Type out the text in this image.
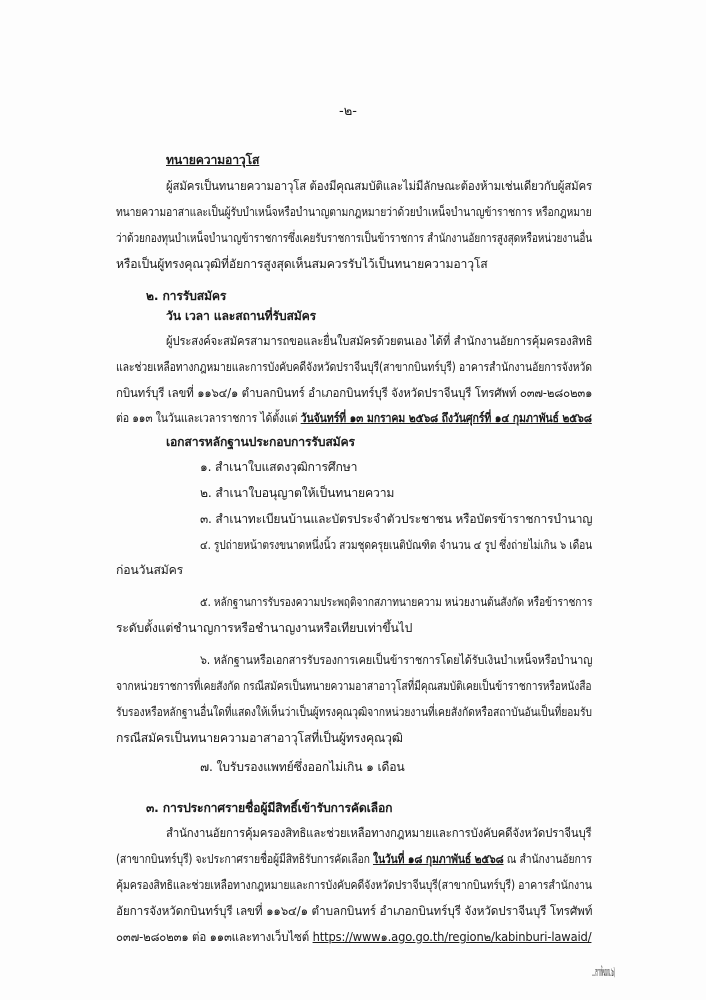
-๒-
ทนายความอาวุโส
ผู้สมัครเป็นทนายความอาวุโส ต้องมีคุณสมบัติและไม่มีลักษณะต้องห้ามเช่นเดียวกับผู้สมัคร
ทนายความอาสาและเป็นผู้รับบำเหน็จหรือบำนาญตามกฎหมายว่าด้วยบำเหน็จบำนาญข้าราชการ หรือกฎหมาย
ว่าด้วยกองทุนบำเหน็จบำนาญข้าราชการซึ่งเคยรับราชการเป็นข้าราชการ สำนักงานอัยการสูงสุดหรือหน่วยงานอื่น
หรือเป็นผู้ทรงคุณวุฒิที่อัยการสูงสุดเห็นสมควรรับไว้เป็นทนายความอาวุโส
๒. การรับสมัคร
วัน เวลา และสถานที่รับสมัคร
ผู้ประสงค์จะสมัครสามารถขอและยื่นใบสมัครด้วยตนเอง ได้ที่ สำนักงานอัยการคุ้มครองสิทธิ
และช่วยเหลือทางกฎหมายและการบังคับคดีจังหวัดปราจีนบุรี(สาขากบินทร์บุรี) อาคารสำนักงานอัยการจังหวัด
กบินทร์บุรี เลขที่ ๑๑๖๔/๑ ตำบลกบินทร์ อำเภอกบินทร์บุรี จังหวัดปราจีนบุรี โทรศัพท์ ๐๓๗-๒๘๐๒๓๑
ต่อ ๑๑๓ ในวันและเวลาราชการ ได้ตั้งแต่ วันจันทร์ที่ ๑๓ มกราคม ๒๕๖๘ ถึงวันศุกร์ที่ ๑๔ กุมภาพันธ์ ๒๕๖๘
เอกสารหลักฐานประกอบการรับสมัคร
๑. สำเนาใบแสดงวุฒิการศึกษา
๒. สำเนาใบอนุญาตให้เป็นทนายความ
๓. สำเนาทะเบียนบ้านและบัตรประจำตัวประชาชน หรือบัตรข้าราชการบำนาญ
๔. รูปถ่ายหน้าตรงขนาดหนึ่งนิ้ว สวมชุดครุยเนติบัณฑิต จำนวน ๔ รูป ซึ่งถ่ายไม่เกิน ๖ เดือน
ก่อนวันสมัคร
๕. หลักฐานการรับรองความประพฤติจากสภาทนายความ หน่วยงานต้นสังกัด หรือข้าราชการ
ระดับตั้งแต่ชำนาญการหรือชำนาญงานหรือเทียบเท่าขึ้นไป
๖. หลักฐานหรือเอกสารรับรองการเคยเป็นข้าราชการโดยได้รับเงินบำเหน็จหรือบำนาญ
จากหน่วยราชการที่เคยสังกัด กรณีสมัครเป็นทนายความอาสาอาวุโสที่มีคุณสมบัติเคยเป็นข้าราชการหรือหนังสือ
รับรองหรือหลักฐานอื่นใดที่แสดงให้เห็นว่าเป็นผู้ทรงคุณวุฒิจากหน่วยงานที่เคยสังกัดหรือสถาบันอันเป็นที่ยอมรับ
กรณีสมัครเป็นทนายความอาสาอาวุโสที่เป็นผู้ทรงคุณวุฒิ
๗. ใบรับรองแพทย์ซึ่งออกไม่เกิน ๑ เดือน
๓. การประกาศรายชื่อผู้มีสิทธิ์เข้ารับการคัดเลือก
สำนักงานอัยการคุ้มครองสิทธิและช่วยเหลือทางกฎหมายและการบังคับคดีจังหวัดปราจีนบุรี
(สาขากบินทร์บุรี) จะประกาศรายชื่อผู้มีสิทธิรับการคัดเลือก ในวันที่ ๑๘ กุมภาพันธ์ ๒๕๖๘ ณ สำนักงานอัยการ
คุ้มครองสิทธิและช่วยเหลือทางกฎหมายและการบังคับคดีจังหวัดปราจีนบุรี(สาขากบินทร์บุรี) อาคารสำนักงาน
อัยการจังหวัดกบินทร์บุรี เลขที่ ๑๑๖๔/๑ ตำบลกบินทร์ อำเภอกบินทร์บุรี จังหวัดปราจีนบุรี โทรศัพท์
๐๓๗-๒๘๐๒๓๑ ต่อ ๑๑๓และทางเว็บไซต์ https://www๑.ago.go.th/region๒/kabinburi-lawaid/
/๔.เกณฑ์การ...
